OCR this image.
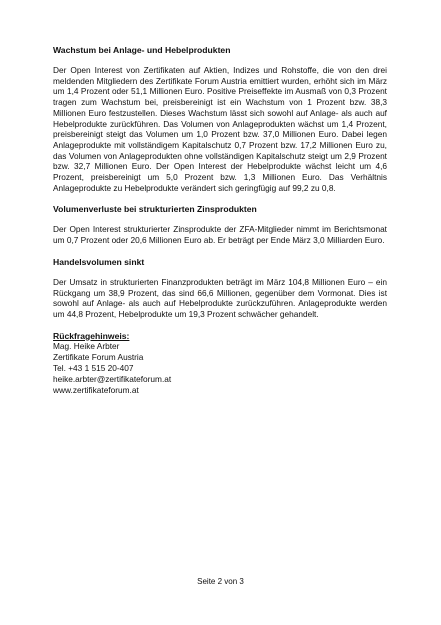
Wachstum bei Anlage- und Hebelprodukten

Der Open Interest von Zertifikaten auf Aktien, Indizes und Rohstoffe, die von den drei meldenden Mitgliedern des Zertifikate Forum Austria emittiert wurden, erhöht sich im März um 1,4 Prozent oder 51,1 Millionen Euro. Positive Preiseffekte im Ausmaß von 0,3 Prozent tragen zum Wachstum bei, preisbereinigt ist ein Wachstum von 1 Prozent bzw. 38,3 Millionen Euro festzustellen. Dieses Wachstum lässt sich sowohl auf Anlage- als auch auf Hebelprodukte zurückführen. Das Volumen von Anlageprodukten wächst um 1,4 Prozent, preisbereinigt steigt das Volumen um 1,0 Prozent bzw. 37,0 Millionen Euro. Dabei legen Anlageprodukte mit vollständigem Kapitalschutz 0,7 Prozent bzw. 17,2 Millionen Euro zu, das Volumen von Anlageprodukten ohne vollständigen Kapitalschutz steigt um 2,9 Prozent bzw. 32,7 Millionen Euro. Der Open Interest der Hebelprodukte wächst leicht um 4,6 Prozent, preisbereinigt um 5,0 Prozent bzw. 1,3 Millionen Euro. Das Verhältnis Anlageprodukte zu Hebelprodukte verändert sich geringfügig auf 99,2 zu 0,8.

Volumenverluste bei strukturierten Zinsprodukten

Der Open Interest strukturierter Zinsprodukte der ZFA-Mitglieder nimmt im Berichtsmonat um 0,7 Prozent oder 20,6 Millionen Euro ab. Er beträgt per Ende März 3,0 Milliarden Euro.

Handelsvolumen sinkt

Der Umsatz in strukturierten Finanzprodukten beträgt im März 104,8 Millionen Euro – ein Rückgang um 38,9 Prozent, das sind 66,6 Millionen, gegenüber dem Vormonat. Dies ist sowohl auf Anlage- als auch auf Hebelprodukte zurückzuführen. Anlageprodukte werden um 44,8 Prozent, Hebelprodukte um 19,3 Prozent schwächer gehandelt.

Rückfragehinweis:
Mag. Heike Arbter
Zertifikate Forum Austria
Tel. +43 1 515 20-407
heike.arbter@zertifikateforum.at
www.zertifikateforum.at
Seite 2 von 3
